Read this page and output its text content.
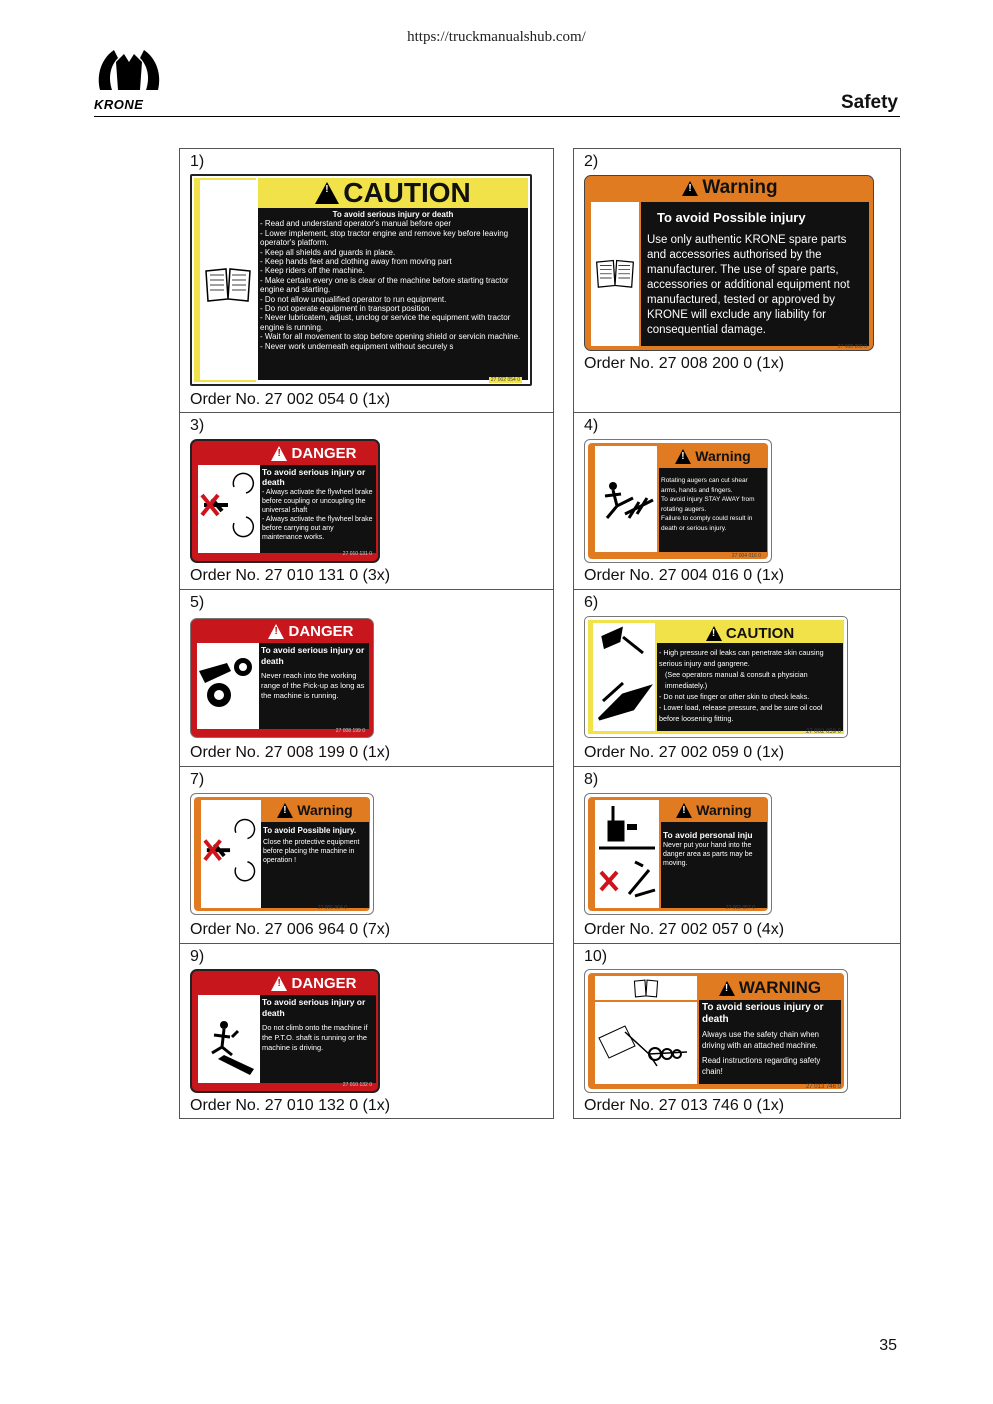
https://truckmanualshub.com/
KRONE	Safety
1)
!
CAUTION
To avoid serious injury or death
- Read and understand operator's manual before oper
- Lower implement, stop tractor engine and remove key before leaving operator's platform.
- Keep all shields and guards in place.
- Keep hands feet and clothing away from moving part
- Keep riders off the machine.
- Make certain every one is clear of the machine before starting tractor engine and starting.
- Do not allow unqualified operator to run equipment.
- Do not operate equipment in transport position.
- Never lubricatem, adjust, unclog or service the equipment with tractor engine is running.
- Wait for all movement to stop before opening shield or servicin machine.
- Never work underneath equipment without securely s
27 002 054 0
Order No. 27 002 054 0 (1x)
2)
!
Warning
To avoid Possible injury
Use only authentic KRONE spare parts and accessories authorised by the manufacturer. The use of spare parts, accessories or additional equipment not manufactured, tested or approved by KRONE will exclude any liability for consequential damage.
27 008 200 0
Order No. 27 008 200 0 (1x)
3)
!
DANGER
To avoid serious injury or death
- Always activate the flywheel brake before coupling or uncoupling the universal shaft
- Always activate the flywheel brake before carrying out any maintenance works.
27 010 131 0
Order No. 27 010 131 0 (3x)
4)
!
Warning
Rotating augers can cut shear arms, hands and fingers.
To avoid injury STAY AWAY from rotating augers.
Failure to comply could result in death or serious injury.
27 004 016 0
Order No. 27 004 016 0 (1x)
5)
!
DANGER
To avoid serious injury or death
Never reach into the working range of the Pick-up as long as the machine is running.
27 008 199 0
Order No. 27 008 199 0 (1x)
6)
!
CAUTION
- High pressure oil leaks can penetrate skin causing serious injury and gangrene.
(See operators manual & consult a physician immediately.)
- Do not use finger or other skin to check leaks.
- Lower load, release pressure, and be sure oil cool before loosening fitting.
27 002 059 0
Order No. 27 002 059 0 (1x)
7)
!
Warning
To avoid Possible injury.
Close the protective equipment before placing the machine in operation !
27 006 964 0
Order No. 27 006 964 0 (7x)
8)
!
Warning
To avoid personal inju
Never put your hand into the danger area as parts may be moving.
27 002 057 0
Order No. 27 002 057 0 (4x)
9)
!
DANGER
To avoid serious injury or death
Do not climb onto the machine if the P.T.O. shaft is running or the machine is driving.
27 010 132 0
Order No. 27 010 132 0 (1x)
10)
!
WARNING
To avoid serious injury or death
Always use the safety chain when driving with an attached machine.
Read instructions regarding safety chain!
27 013 746 0
Order No. 27 013 746 0 (1x)
35
